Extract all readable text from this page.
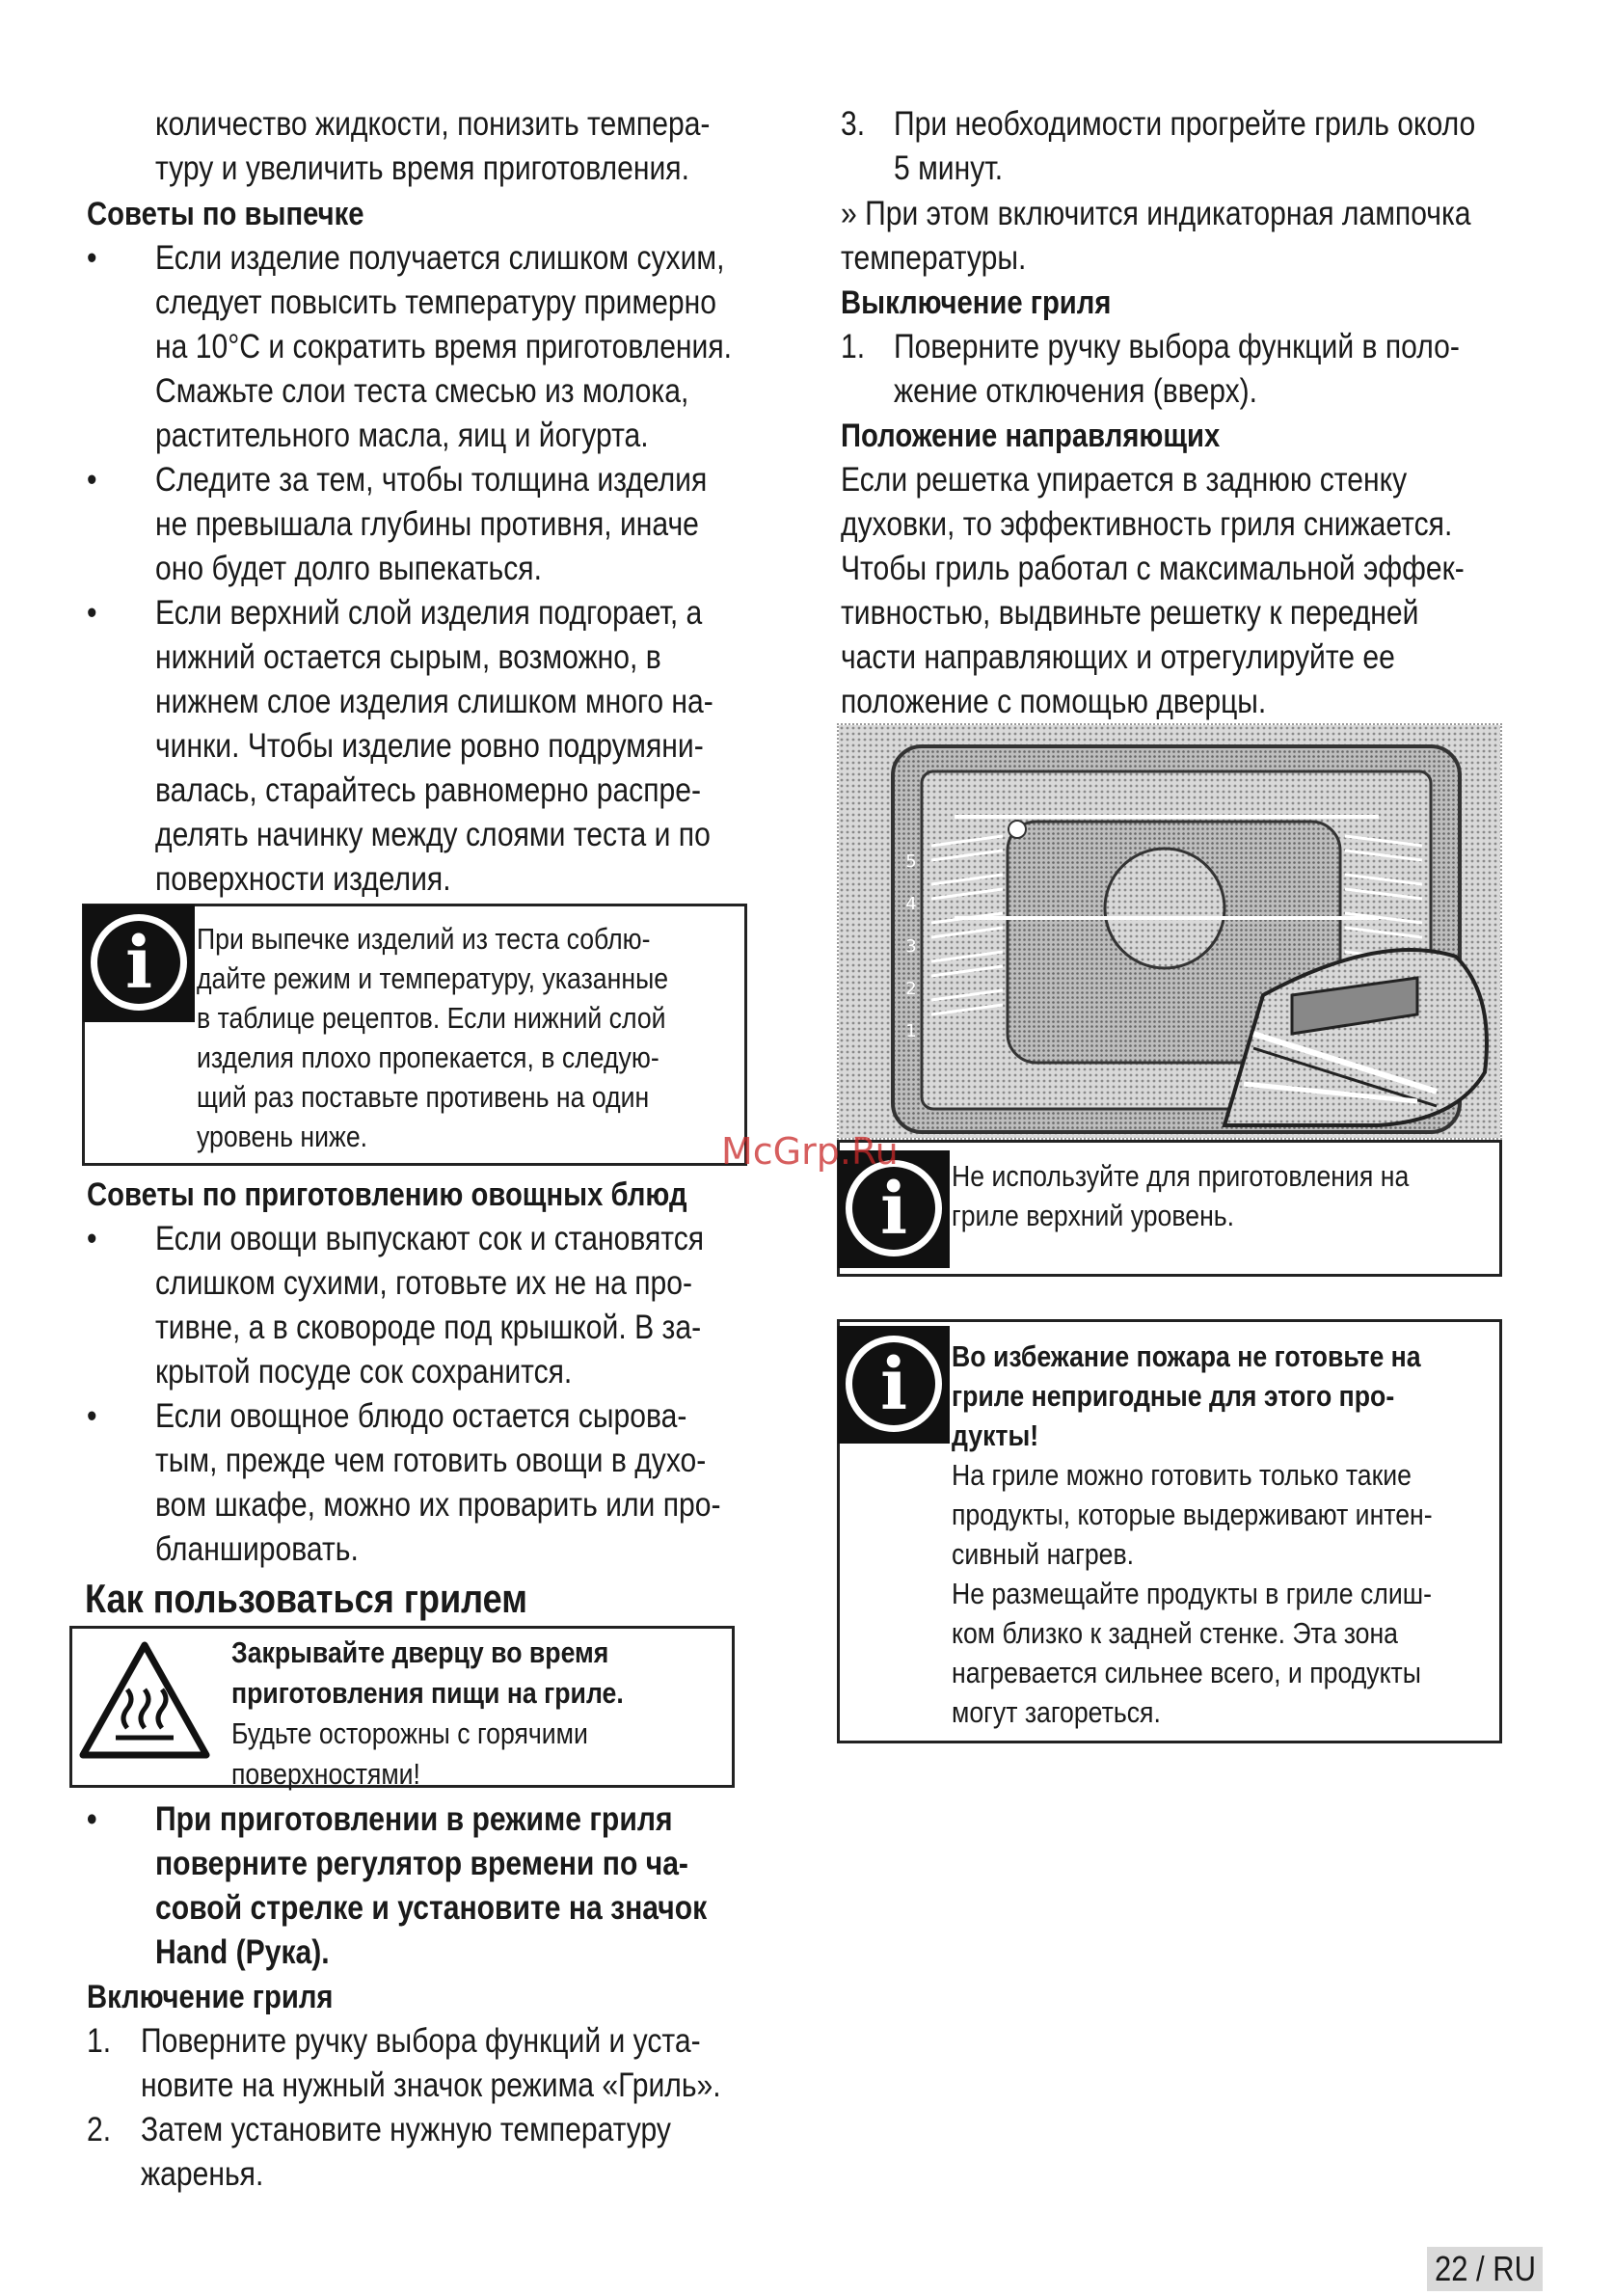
количество жидкости, понизить темпера-
туру и увеличить время приготовления.
Советы по выпечке
• Если изделие получается слишком сухим,
следует повысить температуру примерно
на 10°C и сократить время приготовления.
Смажьте слои теста смесью из молока,
растительного масла, яиц и йогурта.
• Следите за тем, чтобы толщина изделия
не превышала глубины противня, иначе
оно будет долго выпекаться.
• Если верхний слой изделия подгорает, а
нижний остается сырым, возможно, в
нижнем слое изделия слишком много на-
чинки. Чтобы изделие ровно подрумяни-
валась, старайтесь равномерно распре-
делять начинку между слоями теста и по
поверхности изделия.
i	При выпечке изделий из теста соблю-
дайте режим и температуру, указанные
в таблице рецептов. Если нижний слой
изделия плохо пропекается, в следую-
щий раз поставьте противень на один
уровень ниже.
Советы по приготовлению овощных блюд
• Если овощи выпускают сок и становятся
слишком сухими, готовьте их не на про-
тивне, а в сковороде под крышкой. В за-
крытой посуде сок сохранится.
• Если овощное блюдо остается сырова-
тым, прежде чем готовить овощи в духо-
вом шкафе, можно их проварить или про-
бланшировать.
Как пользоваться грилем
Закрывайте дверцу во время
приготовления пищи на гриле.
Будьте осторожны с горячими
поверхностями!
• При приготовлении в режиме гриля
поверните регулятор времени по ча-
совой стрелке и установите на значок
Hand (Рука).
Включение гриля
1. Поверните ручку выбора функций и уста-
новите на нужный значок режима «Гриль».
2. Затем установите нужную температуру
жаренья.
3. При необходимости прогрейте гриль около
5 минут.
» При этом включится индикаторная лампочка
температуры.
Выключение гриля
1. Поверните ручку выбора функций в поло-
жение отключения (вверх).
Положение направляющих
Если решетка упирается в заднюю стенку
духовки, то эффективность гриля снижается.
Чтобы гриль работал с максимальной эффек-
тивностью, выдвиньте решетку к передней
части направляющих и отрегулируйте ее
положение с помощью дверцы.
5
4
3
2
1
i	Не используйте для приготовления на
гриле верхний уровень.
i	Во избежание пожара не готовьте на
гриле непригодные для этого про-
дукты!
На гриле можно готовить только такие
продукты, которые выдерживают интен-
сивный нагрев.
Не размещайте продукты в гриле слиш-
ком близко к задней стенке. Эта зона
нагревается сильнее всего, и продукты
могут загореться.
McGrp.Ru
22 / RU
